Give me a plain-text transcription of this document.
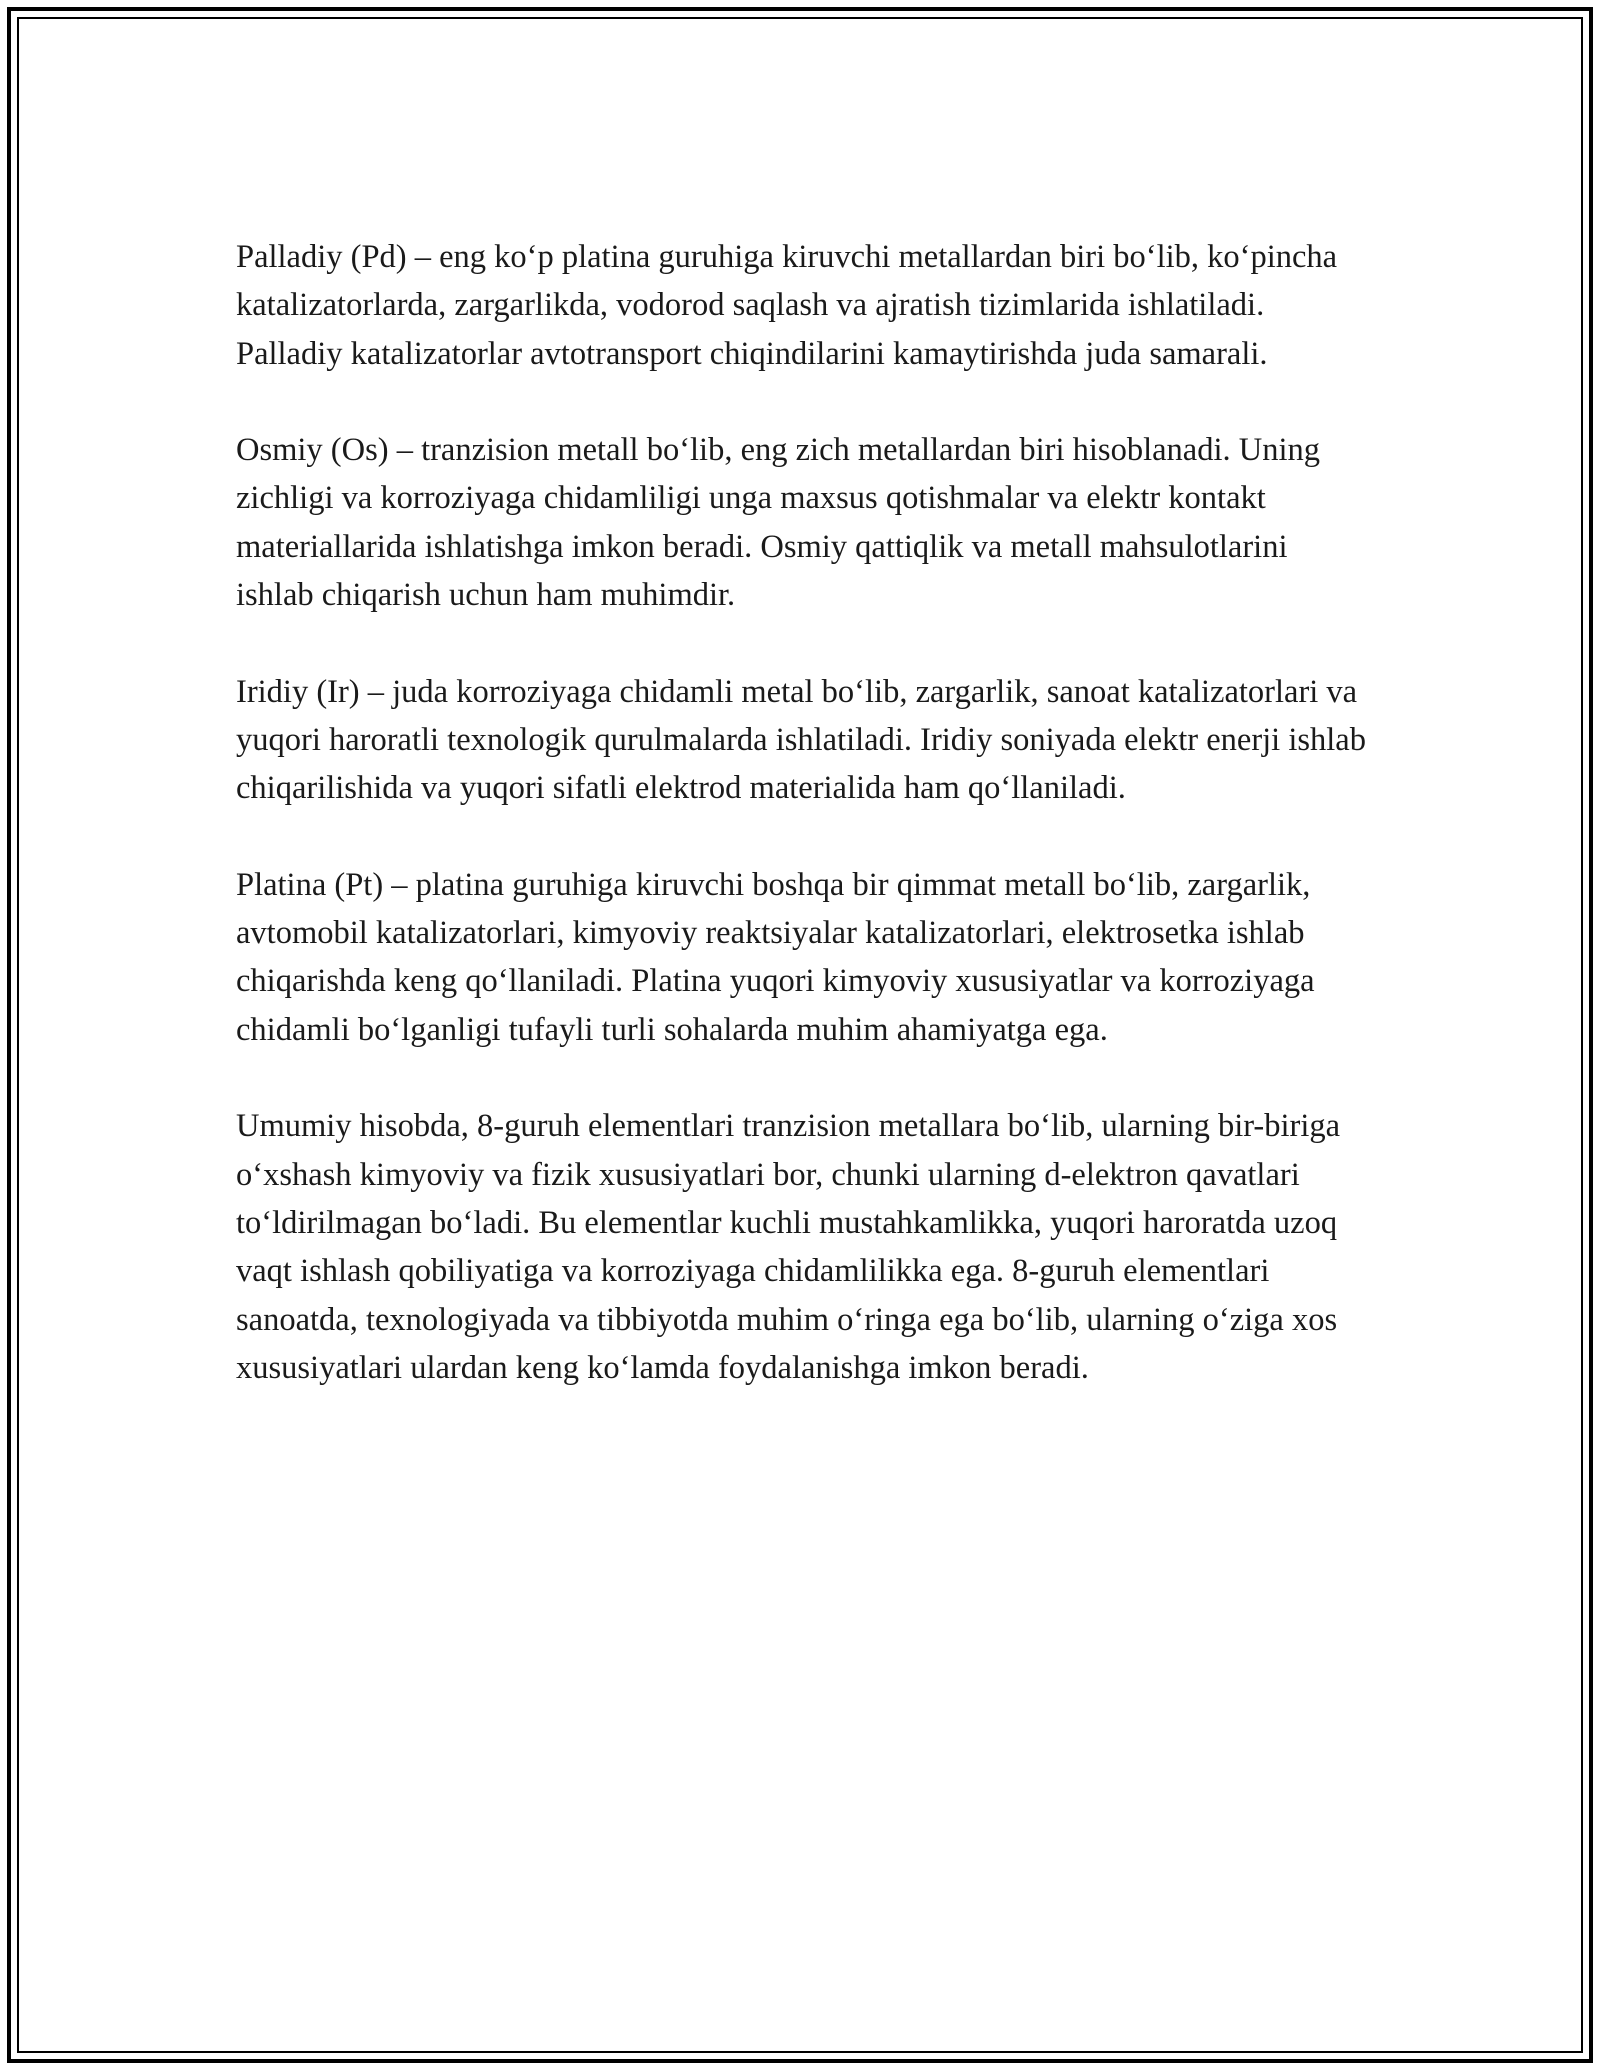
Palladiy (Pd) – eng koʻp platina guruhiga kiruvchi metallardan biri boʻlib, koʻpincha katalizatorlarda, zargarlikda, vodorod saqlash va ajratish tizimlarida ishlatiladi. Palladiy katalizatorlar avtotransport chiqindilarini kamaytirishda juda samarali.

Osmiy (Os) – tranzision metall boʻlib, eng zich metallardan biri hisoblanadi. Uning zichligi va korroziyaga chidamliligi unga maxsus qotishmalar va elektr kontakt materiallarida ishlatishga imkon beradi. Osmiy qattiqlik va metall mahsulotlarini ishlab chiqarish uchun ham muhimdir.

Iridiy (Ir) – juda korroziyaga chidamli metal boʻlib, zargarlik, sanoat katalizatorlari va yuqori haroratli texnologik qurulmalarda ishlatiladi. Iridiy soniyada elektr enerji ishlab chiqarilishida va yuqori sifatli elektrod materialida ham qoʻllaniladi.

Platina (Pt) – platina guruhiga kiruvchi boshqa bir qimmat metall boʻlib, zargarlik, avtomobil katalizatorlari, kimyoviy reaktsiyalar katalizatorlari, elektrosetka ishlab chiqarishda keng qoʻllaniladi. Platina yuqori kimyoviy xususiyatlar va korroziyaga chidamli boʻlganligi tufayli turli sohalarda muhim ahamiyatga ega.

Umumiy hisobda, 8-guruh elementlari tranzision metallara boʻlib, ularning bir-biriga oʻxshash kimyoviy va fizik xususiyatlari bor, chunki ularning d-elektron qavatlari toʻldirilmagan boʻladi. Bu elementlar kuchli mustahkamlikka, yuqori haroratda uzoq vaqt ishlash qobiliyatiga va korroziyaga chidamlilikka ega. 8-guruh elementlari sanoatda, texnologiyada va tibbiyotda muhim oʻringa ega boʻlib, ularning oʻziga xos xususiyatlari ulardan keng koʻlamda foydalanishga imkon beradi.
